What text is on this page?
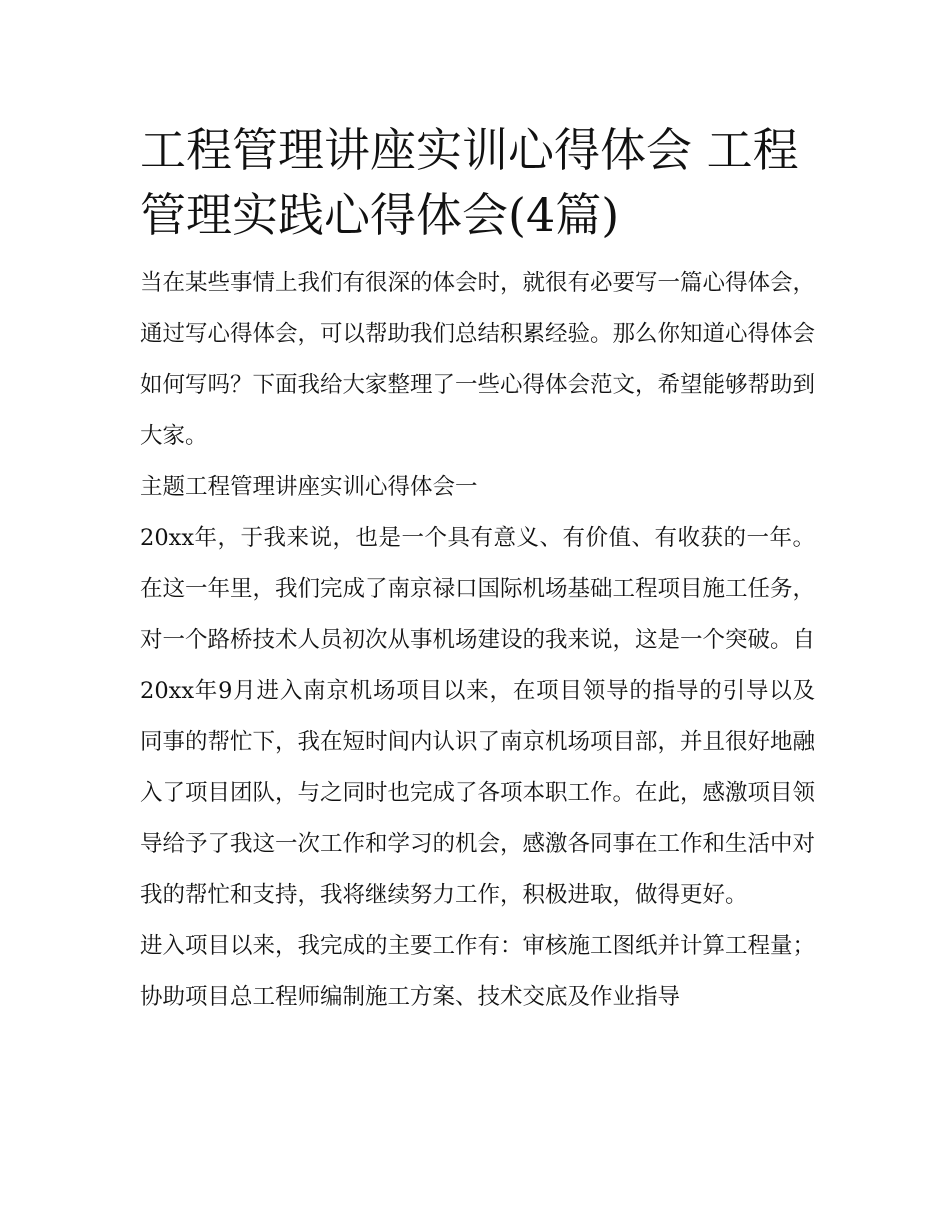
工程管理讲座实训心得体会 工程管理实践心得体会(4篇)

当在某些事情上我们有很深的体会时，就很有必要写一篇心得体会，通过写心得体会，可以帮助我们总结积累经验。那么你知道心得体会如何写吗？下面我给大家整理了一些心得体会范文，希望能够帮助到大家。

主题工程管理讲座实训心得体会一

20xx年，于我来说，也是一个具有意义、有价值、有收获的一年。在这一年里，我们完成了南京禄口国际机场基础工程项目施工任务，对一个路桥技术人员初次从事机场建设的我来说，这是一个突破。自20xx年9月进入南京机场项目以来，在项目领导的指导的引导以及同事的帮忙下，我在短时间内认识了南京机场项目部，并且很好地融入了项目团队，与之同时也完成了各项本职工作。在此，感激项目领导给予了我这一次工作和学习的机会，感激各同事在工作和生活中对我的帮忙和支持，我将继续努力工作，积极进取，做得更好。

进入项目以来，我完成的主要工作有：审核施工图纸并计算工程量；协助项目总工程师编制施工方案、技术交底及作业指导
